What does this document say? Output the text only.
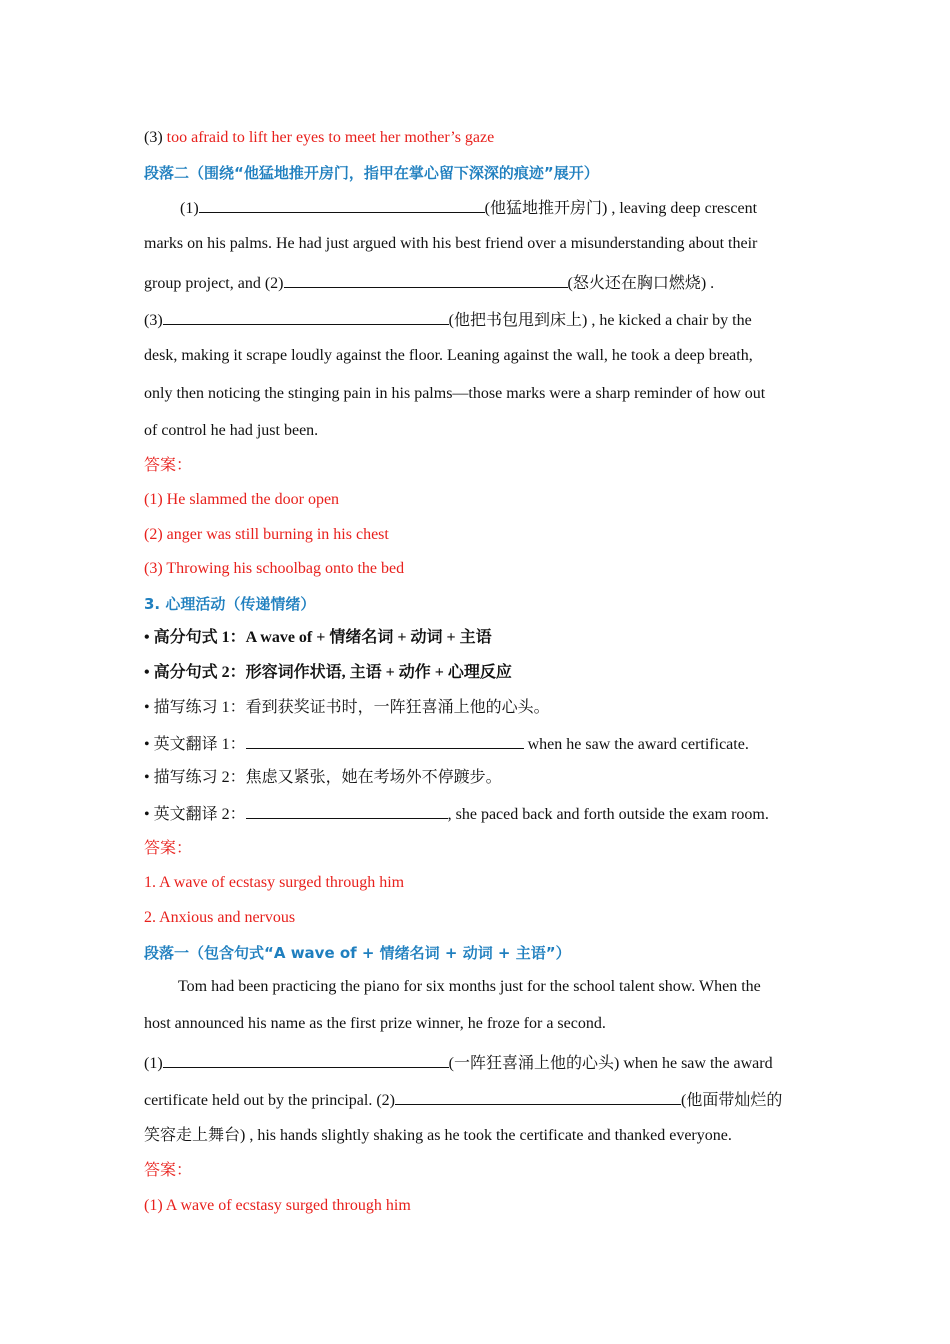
(3) too afraid to lift her eyes to meet her mother’s gaze
段落二（围绕“他猛地推开房门，指甲在掌心留下深深的痕迹”展开）
(1)	(他猛地推开房门) , leaving deep crescent
marks on his palms. He had just argued with his best friend over a misunderstanding about their
group project, and (2)	(怒火还在胸口燃烧) .
(3)	(他把书包甩到床上) , he kicked a chair by the
desk, making it scrape loudly against the floor. Leaning against the wall, he took a deep breath,
only then noticing the stinging pain in his palms—those marks were a sharp reminder of how out
of control he had just been.
答案：
(1) He slammed the door open
(2) anger was still burning in his chest
(3) Throwing his schoolbag onto the bed
3. 心理活动（传递情绪）
• 高分句式 1：A wave of + 情绪名词 + 动词 + 主语
• 高分句式 2：形容词作状语, 主语 + 动作 + 心理反应
• 描写练习 1：看到获奖证书时，一阵狂喜涌上他的心头。
• 英文翻译 1：	when he saw the award certificate.
• 描写练习 2：焦虑又紧张，她在考场外不停踱步。
• 英文翻译 2：	, she paced back and forth outside the exam room.
答案：
1. A wave of ecstasy surged through him
2. Anxious and nervous
段落一（包含句式“A wave of + 情绪名词 + 动词 + 主语”）
Tom had been practicing the piano for six months just for the school talent show. When the
host announced his name as the first prize winner, he froze for a second.
(1)	(一阵狂喜涌上他的心头) when he saw the award
certificate held out by the principal. (2)	(他面带灿烂的
笑容走上舞台) , his hands slightly shaking as he took the certificate and thanked everyone.
答案：
(1) A wave of ecstasy surged through him
